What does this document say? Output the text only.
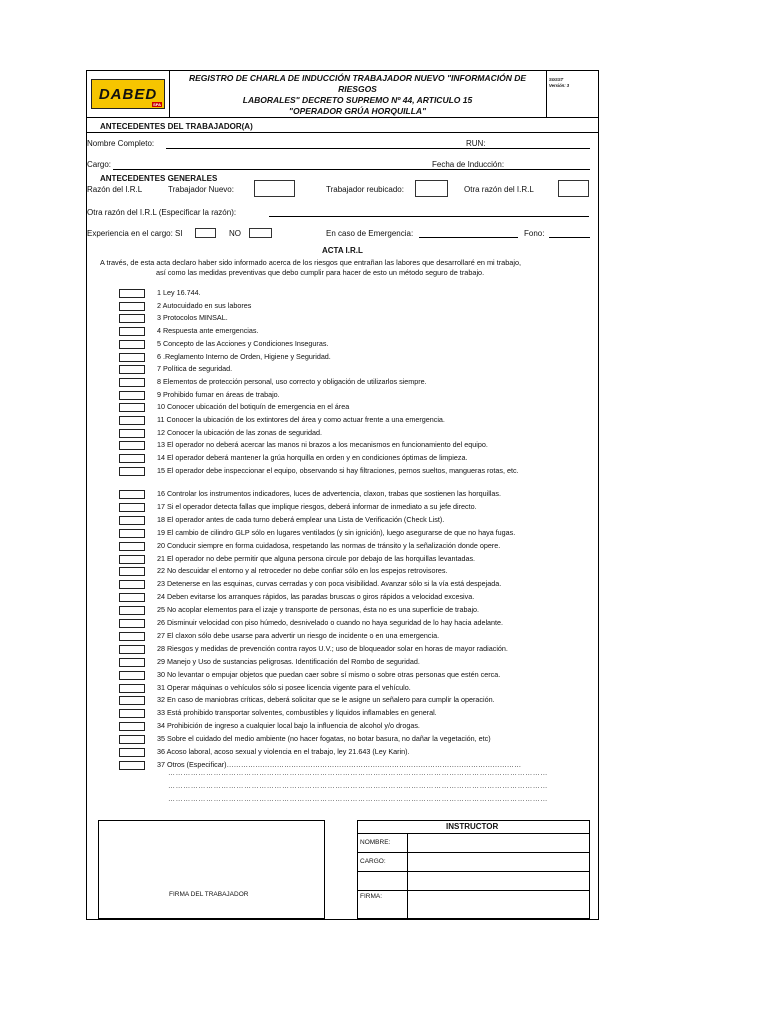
DABED
SPA
REGISTRO DE CHARLA DE INDUCCIÓN TRABAJADOR NUEVO "INFORMACIÓN DE RIESGOS
LABORALES" DECRETO SUPREMO Nº 44, ARTICULO 15
"OPERADOR GRÚA HORQUILLA"
SGSST
Versión: 3
ANTECEDENTES DEL TRABAJADOR(A)
Nombre Completo:	RUN:
Cargo:	Fecha de Inducción:
ANTECEDENTES GENERALES
Razón del I.R.L	Trabajador Nuevo:	Trabajador reubicado:	Otra razón del I.R.L
Otra razón del I.R.L (Especificar la razón):
Experiencia en el cargo: SI	NO	En caso de Emergencia:	Fono:
ACTA I.R.L
A través, de esta acta declaro haber sido informado acerca de los riesgos que entrañan las labores que desarrollaré en mi trabajo,
así como las medidas preventivas que debo cumplir para hacer de esto un método seguro de trabajo.
1 Ley 16.744.
2 Autocuidado en sus labores
3 Protocolos MINSAL.
4 Respuesta ante emergencias.
5 Concepto de las Acciones y Condiciones Inseguras.
6 .Reglamento Interno de Orden, Higiene y Seguridad.
7 Política de seguridad.
8 Elementos de protección personal, uso correcto y obligación de utilizarlos siempre.
9 Prohibido fumar en áreas de trabajo.
10 Conocer ubicación del botiquín de emergencia en el área
11 Conocer la ubicación de los extintores del área y como actuar frente a una emergencia.
12 Conocer la ubicación de las zonas de seguridad.
13 El operador no deberá acercar las manos ni brazos a los mecanismos en funcionamiento del equipo.
14 El operador deberá mantener la grúa horquilla en orden y en condiciones óptimas de limpieza.
15 El operador debe inspeccionar el equipo, observando si hay filtraciones, pernos sueltos, mangueras rotas, etc.
16 Controlar los instrumentos indicadores, luces de advertencia, claxon, trabas que sostienen las horquillas.
17 Si el operador detecta fallas que implique riesgos, deberá informar de inmediato a su jefe directo.
18 El operador antes de cada turno deberá emplear una Lista de Verificación (Check List).
19 El cambio de cilindro GLP sólo en lugares ventilados (y sin ignición), luego asegurarse de que no haya fugas.
20 Conducir siempre en forma cuidadosa, respetando las normas de tránsito y la señalización donde opere.
21 El operador no debe permitir que alguna persona circule por debajo de las horquillas levantadas.
22 No descuidar el entorno y al retroceder no debe confiar sólo en los espejos retrovisores.
23 Detenerse en las esquinas, curvas cerradas y con poca visibilidad. Avanzar sólo si la vía está despejada.
24 Deben evitarse los arranques rápidos, las paradas bruscas o giros rápidos a velocidad excesiva.
25 No acoplar elementos para el izaje y transporte de personas, ésta no es una superficie de trabajo.
26 Disminuir velocidad con piso húmedo, desnivelado o cuando no haya seguridad de lo hay hacia adelante.
27 El claxon sólo debe usarse para advertir un riesgo de incidente o en una emergencia.
28 Riesgos y medidas de prevención contra rayos U.V.; uso de bloqueador solar en horas de mayor radiación.
29 Manejo y Uso de sustancias peligrosas. Identificación del Rombo de seguridad.
30 No levantar o empujar objetos que puedan caer sobre sí mismo o sobre otras personas que estén cerca.
31 Operar máquinas o vehículos sólo si posee licencia vigente para el vehículo.
32 En caso de maniobras críticas, deberá solicitar que se le asigne un señalero para cumplir la operación.
33 Está prohibido transportar solventes, combustibles y líquidos inflamables en general.
34 Prohibición de ingreso a cualquier local bajo la influencia de alcohol y/o drogas.
35 Sobre el cuidado del medio ambiente (no hacer fogatas, no botar basura, no dañar la vegetación, etc)
36 Acoso laboral, acoso sexual y violencia en el trabajo, ley 21.643 (Ley Karin).
37 Otros (Especificar)……………………………………………………………………………………………………………
……………………………………………………………………………………………………………………………………
……………………………………………………………………………………………………………………………………
……………………………………………………………………………………………………………………………………
FIRMA DEL TRABAJADOR
INSTRUCTOR
NOMBRE:
CARGO:
FIRMA:
